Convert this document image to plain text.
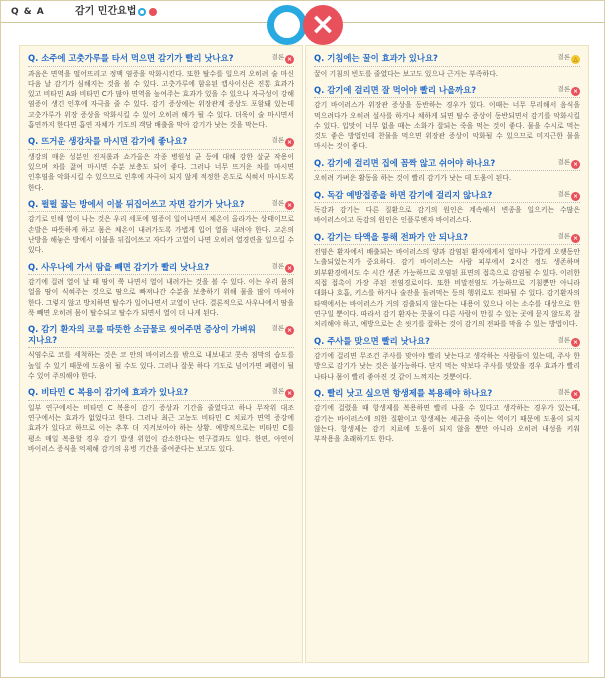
Q & A	감기 민간요법	×
Q. 소주에 고춧가루를 타서 먹으면 감기가 빨리 낫나요?	결론 ×
과음은 면역을 떨어뜨리고 정맥 염증을 악화시킨다. 또한 탈수를 일으켜 오히려 술 마신 다음 날 감기가 심해지는 것을 볼 수 있다. 고춧가루에 함유된 캡사이신은 진통 효과가 있고 비타민 A와 비타민 C가 많아 면역을 높여주는 효과가 있을 수 있으나 자극성이 강해 염증이 생긴 인후에 자극을 줄 수 있다. 감기 증상에는 위장관계 증상도 포함돼 있는데 고춧가루가 위장 증상을 악화시킬 수 있어 오히려 해가 될 수 있다. 더욱이 술 마시면서 흡연까지 한다면 흡연 자체가 기도의 객담 배출을 막아 감기가 낫는 것을 막는다.
Q. 뜨거운 생강차를 마시면 감기에 좋나요?	결론 ×
생강의 매운 성분인 진저롤과 쇼가올은 각종 병원성 균 등에 대해 강한 살균 작용이 있으며 차를 끓여 마시면 수분 보충도 되어 좋다. 그러나 너무 뜨거운 차를 마시면 인후염을 악화시킬 수 있으므로 인후에 자극이 되지 않게 적정한 온도로 식혀서 마시도록 한다.
Q. 펄펄 끓는 방에서 이불 뒤집어쓰고 자면 감기가 낫나요?	결론 ×
감기로 인해 열이 나는 것은 우리 세포에 염증이 일어나면서 체온이 올라가는 상태이므로 손발은 따뜻하게 하고 몸은 체온이 내려가도록 가볍게 입어 열을 내려야 한다. 고온의 난방을 해놓은 방에서 이불을 뒤집어쓰고 자다가 고열이 나면 오히려 열경련을 일으킬 수 있다.
Q. 사우나에 가서 땀을 빼면 감기가 빨리 낫나요?	결론 ×
감기에 걸려 열이 날 때 땀이 쭉 나면서 열이 내려가는 것을 볼 수 있다. 이는 우리 몸의 얼을 땀이 식혀주는 것으로 땀으로 빠져나간 수분을 보충하기 위해 물을 많이 마셔야 한다. 그렇지 않고 방치하면 탈수가 일어나면서 고열이 난다. 결론적으로 사우나에서 땀을 푹 빼면 오히려 몸이 탈수되고 탈수가 되면서 열이 더 나게 된다.
Q. 감기 환자의 코를 따뜻한 소금물로 씻어주면 증상이 가벼워지나요?
결론 ×
식염수로 코를 세척하는 것은 코 안의 바이러스를 밖으로 내보내고 콧속 점막의 습도를 높일 수 있기 때문에 도움이 될 수도 있다. 그러나 잘못 하다 기도로 넘어가면 폐렴이 될 수 있어 주의해야 한다.
Q. 비타민 C 복용이 감기에 효과가 있나요?	결론 ×
일부 연구에서는 비타민 C 복용이 감기 증상과 기간을 줄였다고 하나 무작위 대조 연구에서는 효과가 없었다고 한다. 그러나 최근 고농도 비타민 C 치료가 면역 증강에 효과가 있다고 하므로 이는 추후 더 지켜보아야 하는 상황. 예방적으로는 비타민 C를 평소 매일 복용할 경우 감기 발생 위험이 감소한다는 연구결과도 있다. 한편, 아연이 바이러스 증식을 억제해 감기의 유병 기간을 줄여준다는 보고도 있다.
Q. 기침에는 꿀이 효과가 있나요?	결론 △
꿀이 기침의 빈도를 줄였다는 보고도 있으나 근거는 부족하다.
Q. 감기에 걸리면 잘 먹어야 빨리 나을까요?	결론 ×
감기 바이러스가 위장관 증상을 동반하는 경우가 있다. 이때는 너무 무리해서 음식을 먹으려다가 오히려 설사를 하거나 체하게 되면 탈수 증상이 동반되면서 감기를 악화시킬 수 있다. 입맛이 너무 없을 때는 소화가 잘되는 죽을 먹는 것이 좋다. 물을 수시로 먹는 것도 좋은 방법인데 찬물을 먹으면 위장관 증상이 악화될 수 있으므로 미지근한 물을 마시는 것이 좋다.
Q. 감기에 걸리면 집에 꼼짝 않고 쉬어야 하나요?	결론 ×
오히려 가벼운 활동을 하는 것이 빨리 감기가 낫는 데 도움이 된다.
Q. 독감 예방접종을 하면 감기에 걸리지 않나요?	결론 ×
독감과 감기는 다른 질환으로 감기의 원인은 계속해서 변종을 일으키는 수많은 바이러스이고 독감의 원인은 인플루엔자 바이러스다.
Q. 감기는 타액을 통해 전파가 안 되나요?	결론 ×
전염은 환자에서 배출되는 바이러스의 양과 감염된 환자에게서 얼마나 가깝게 오랫동안 노출되었는지가 중요하다. 감기 바이러스는 사람 피부에서 2시간 정도 생존하며 외부환경에서도 수 시간 생존 가능하므로 오염된 표면의 접촉으로 감염될 수 있다. 이러한 직접 접촉이 가장 주된 전염경로이다. 또한 비말전염도 가능하므로 기침뿐만 아니라 대화나 호흡, 키스를 하거나 술잔을 돌려먹는 등의 행위로도 전파될 수 있다. 감기환자의 타액에서는 바이러스가 거의 검출되지 않는다는 내용이 있으나 이는 소수를 대상으로 한 연구일 뿐이다. 따라서 감기 환자는 콧물이 다른 사람이 만질 수 있는 곳에 묻지 않도록 잘 처리해야 하고, 예방으로는 손 씻기를 잘하는 것이 감기의 전파를 막을 수 있는 방법이다.
Q. 주사를 맞으면 빨리 낫나요?	결론 ×
감기에 걸리면 무조건 주사를 맞아야 빨리 낫는다고 생각하는 사람들이 있는데, 주사 한 방으로 감기가 낫는 것은 불가능하다. 단지 먹는 약보다 주사를 맞았을 경우 효과가 빨리 나타나 몸이 빨리 좋아진 것 같이 느껴지는 것뿐이다.
Q. 빨리 낫고 싶으면 항생제를 복용해야 하나요?	결론 ×
감기에 걸렸을 때 항생제를 복용하면 빨리 나을 수 있다고 생각하는 경우가 있는데, 감기는 바이러스에 의한 질환이고 항생제는 세균을 죽이는 역이기 때문에 도움이 되지 않는다. 항생제는 감기 치료에 도움이 되지 않을 뿐만 아니라 오히려 내성을 키워 부작용을 초래하기도 한다.
